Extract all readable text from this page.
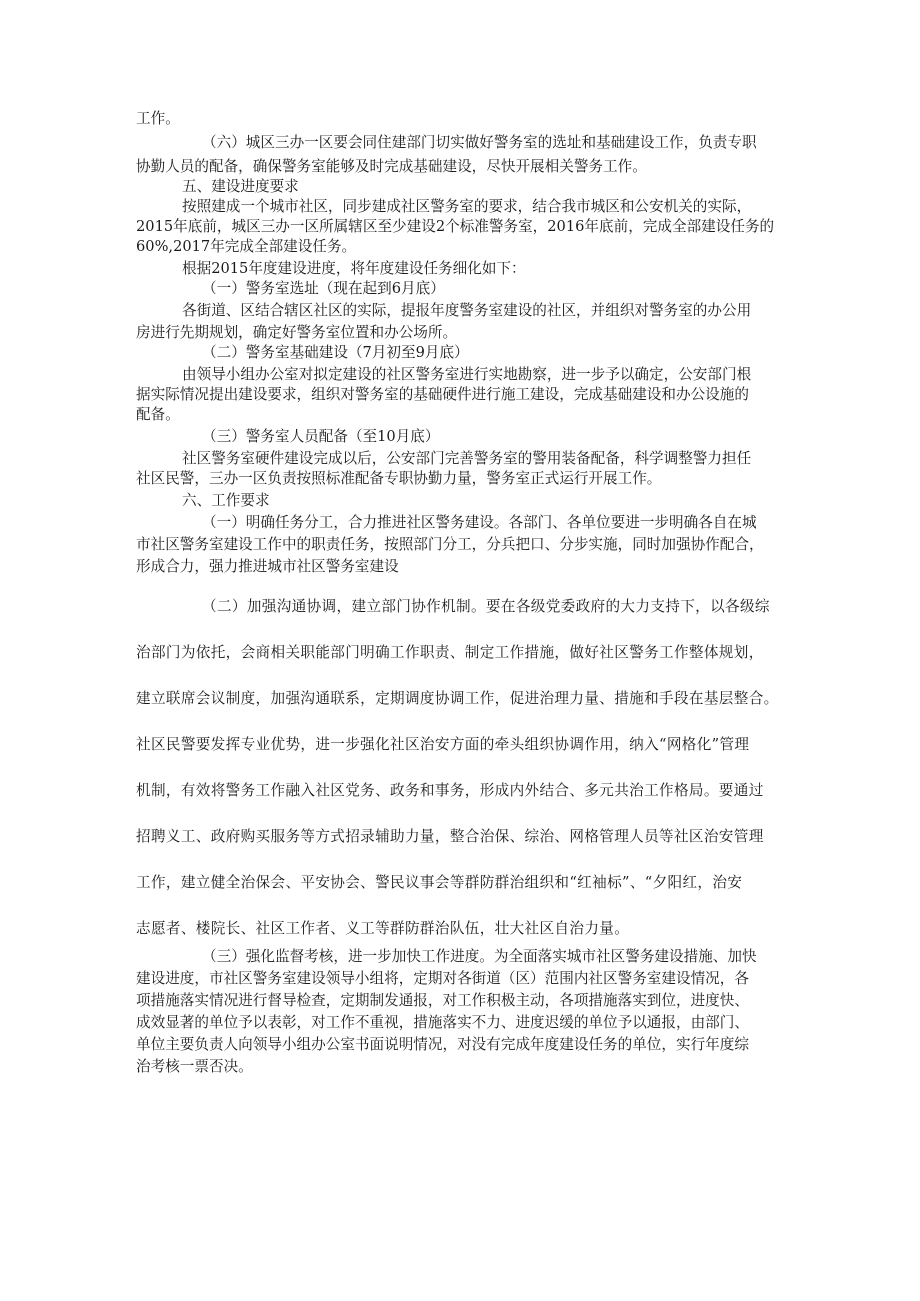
工作。
（六）城区三办一区要会同住建部门切实做好警务室的选址和基础建设工作，负责专职
协勤人员的配备，确保警务室能够及时完成基础建设，尽快开展相关警务工作。
五、建设进度要求
按照建成一个城市社区，同步建成社区警务室的要求，结合我市城区和公安机关的实际，
2015年底前，城区三办一区所属辖区至少建设2个标准警务室，2016年底前，完成全部建设任务的
60%,2017年完成全部建设任务。
根据2015年度建设进度，将年度建设任务细化如下：
（一）警务室选址（现在起到6月底）
各街道、区结合辖区社区的实际，提报年度警务室建设的社区，并组织对警务室的办公用
房进行先期规划，确定好警务室位置和办公场所。
（二）警务室基础建设（7月初至9月底）
由领导小组办公室对拟定建设的社区警务室进行实地勘察，进一步予以确定，公安部门根
据实际情况提出建设要求，组织对警务室的基础硬件进行施工建设，完成基础建设和办公设施的
配备。
（三）警务室人员配备（至10月底）
社区警务室硬件建设完成以后，公安部门完善警务室的警用装备配备，科学调整警力担任
社区民警，三办一区负责按照标准配备专职协勤力量，警务室正式运行开展工作。
六、工作要求
（一）明确任务分工，合力推进社区警务建设。各部门、各单位要进一步明确各自在城
市社区警务室建设工作中的职责任务，按照部门分工，分兵把口、分步实施，同时加强协作配合，
形成合力，强力推进城市社区警务室建设
（二）加强沟通协调，建立部门协作机制。要在各级党委政府的大力支持下，以各级综
治部门为依托，会商相关职能部门明确工作职责、制定工作措施，做好社区警务工作整体规划，
建立联席会议制度，加强沟通联系，定期调度协调工作，促进治理力量、措施和手段在基层整合。
社区民警要发挥专业优势，进一步强化社区治安方面的牵头组织协调作用，纳入“网格化”管理
机制，有效将警务工作融入社区党务、政务和事务，形成内外结合、多元共治工作格局。要通过
招聘义工、政府购买服务等方式招录辅助力量，整合治保、综治、网格管理人员等社区治安管理
工作，建立健全治保会、平安协会、警民议事会等群防群治组织和“红袖标”、“夕阳红，治安
志愿者、楼院长、社区工作者、义工等群防群治队伍，壮大社区自治力量。
（三）强化监督考核，进一步加快工作进度。为全面落实城市社区警务建设措施、加快
建设进度，市社区警务室建设领导小组将，定期对各街道（区）范围内社区警务室建设情况，各
项措施落实情况进行督导检查，定期制发通报，对工作积极主动，各项措施落实到位，进度快、
成效显著的单位予以表彰，对工作不重视，措施落实不力、进度迟缓的单位予以通报，由部门、
单位主要负责人向领导小组办公室书面说明情况，对没有完成年度建设任务的单位，实行年度综
治考核一票否决。
